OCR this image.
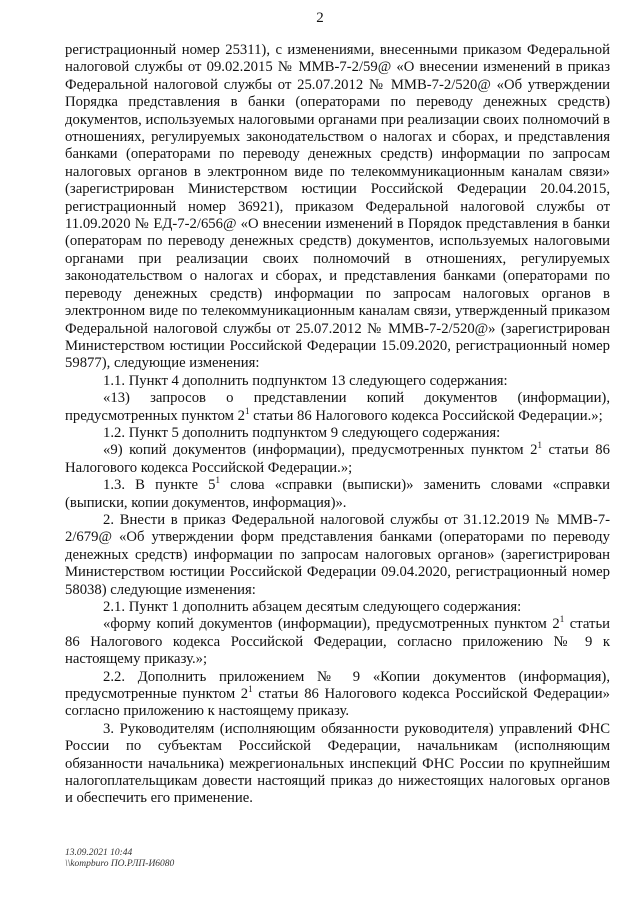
2

регистрационный номер 25311), с изменениями, внесенными приказом Федеральной налоговой службы от 09.02.2015 № ММВ-7-2/59@ «О внесении изменений в приказ Федеральной налоговой службы от 25.07.2012 № ММВ-7-2/520@ «Об утверждении Порядка представления в банки (операторами по переводу денежных средств) документов, используемых налоговыми органами при реализации своих полномочий в отношениях, регулируемых законодательством о налогах и сборах, и представления банками (операторами по переводу денежных средств) информации по запросам налоговых органов в электронном виде по телекоммуникационным каналам связи» (зарегистрирован Министерством юстиции Российской Федерации 20.04.2015, регистрационный номер 36921), приказом Федеральной налоговой службы от 11.09.2020 № ЕД-7-2/656@ «О внесении изменений в Порядок представления в банки (операторам по переводу денежных средств) документов, используемых налоговыми органами при реализации своих полномочий в отношениях, регулируемых законодательством о налогах и сборах, и представления банками (операторами по переводу денежных средств) информации по запросам налоговых органов в электронном виде по телекоммуникационным каналам связи, утвержденный приказом Федеральной налоговой службы от 25.07.2012 № ММВ-7-2/520@» (зарегистрирован Министерством юстиции Российской Федерации 15.09.2020, регистрационный номер 59877), следующие изменения:

1.1. Пункт 4 дополнить подпунктом 13 следующего содержания:

«13) запросов о представлении копий документов (информации), предусмотренных пунктом $2^1$ статьи 86 Налогового кодекса Российской Федерации.»;

1.2. Пункт 5 дополнить подпунктом 9 следующего содержания:

«9) копий документов (информации), предусмотренных пунктом $2^1$ статьи 86 Налогового кодекса Российской Федерации.»;

1.3. В пункте $5^1$ слова «справки (выписки)» заменить словами «справки (выписки, копии документов, информация)».

2. Внести в приказ Федеральной налоговой службы от 31.12.2019 № ММВ-7-2/679@ «Об утверждении форм представления банками (операторами по переводу денежных средств) информации по запросам налоговых органов» (зарегистрирован Министерством юстиции Российской Федерации 09.04.2020, регистрационный номер 58038) следующие изменения:

2.1. Пункт 1 дополнить абзацем десятым следующего содержания:

«форму копий документов (информации), предусмотренных пунктом $2^1$ статьи 86 Налогового кодекса Российской Федерации, согласно приложению № 9 к настоящему приказу.»;

2.2. Дополнить приложением № 9 «Копии документов (информация), предусмотренные пунктом $2^1$ статьи 86 Налогового кодекса Российской Федерации» согласно приложению к настоящему приказу.

3. Руководителям (исполняющим обязанности руководителя) управлений ФНС России по субъектам Российской Федерации, начальникам (исполняющим обязанности начальника) межрегиональных инспекций ФНС России по крупнейшим налогоплательщикам довести настоящий приказ до нижестоящих налоговых органов и обеспечить его применение.

13.09.2021 10:44
\\kompburo ПО.РЛП-И6080
